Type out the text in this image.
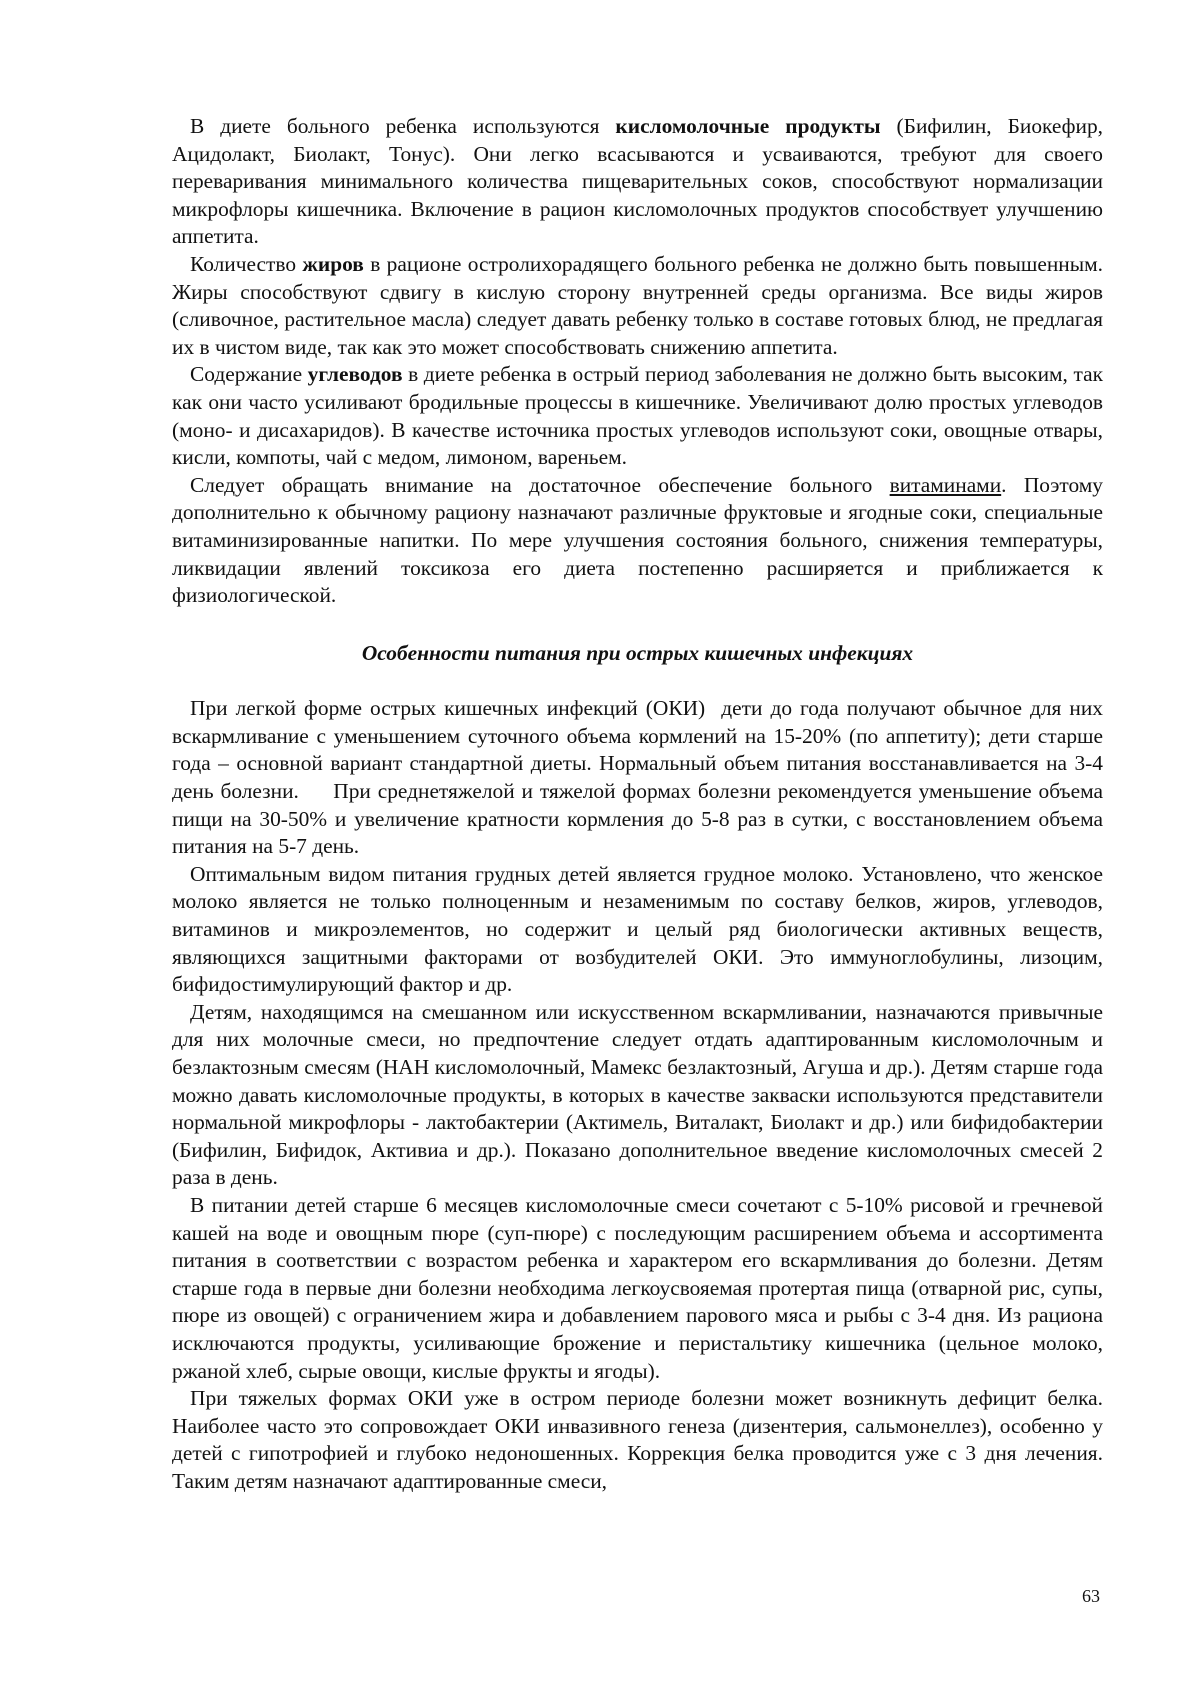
В диете больного ребенка используются кисломолочные продукты (Бифилин, Биокефир, Ацидолакт, Биолакт, Тонус). Они легко всасываются и усваиваются, требуют для своего переваривания минимального количества пищеварительных соков, способствуют нормализации микрофлоры кишечника. Включение в рацион кисломолочных продуктов способствует улучшению аппетита.

Количество жиров в рационе остролихорадящего больного ребенка не должно быть повышенным. Жиры способствуют сдвигу в кислую сторону внутренней среды организма. Все виды жиров (сливочное, растительное масла) следует давать ребенку только в составе готовых блюд, не предлагая их в чистом виде, так как это может способствовать снижению аппетита.

Содержание углеводов в диете ребенка в острый период заболевания не должно быть высоким, так как они часто усиливают бродильные процессы в кишечнике. Увеличивают долю простых углеводов (моно- и дисахаридов). В качестве источника простых углеводов используют соки, овощные отвары, кисли, компоты, чай с медом, лимоном, вареньем.

Следует обращать внимание на достаточное обеспечение больного витаминами. Поэтому дополнительно к обычному рациону назначают различные фруктовые и ягодные соки, специальные витаминизированные напитки. По мере улучшения состояния больного, снижения температуры, ликвидации явлений токсикоза его диета постепенно расширяется и приближается к физиологической.

Особенности питания при острых кишечных инфекциях

При легкой форме острых кишечных инфекций (ОКИ)  дети до года получают обычное для них вскармливание с уменьшением суточного объема кормлений на 15-20% (по аппетиту); дети старше года – основной вариант стандартной диеты. Нормальный объем питания восстанавливается на 3-4 день болезни.     При среднетяжелой и тяжелой формах болезни рекомендуется уменьшение объема пищи на 30-50% и увеличение кратности кормления до 5-8 раз в сутки, с восстановлением объема питания на 5-7 день.

Оптимальным видом питания грудных детей является грудное молоко. Установлено, что женское молоко является не только полноценным и незаменимым по составу белков, жиров, углеводов, витаминов и микроэлементов, но содержит и целый ряд биологически активных веществ, являющихся защитными факторами от возбудителей ОКИ. Это иммуноглобулины, лизоцим, бифидостимулирующий фактор и др.

Детям, находящимся на смешанном или искусственном вскармливании, назначаются привычные для них молочные смеси, но предпочтение следует отдать адаптированным кисломолочным и безлактозным смесям (НАН кисломолочный, Мамекс безлактозный, Агуша и др.). Детям старше года можно давать кисломолочные продукты, в которых в качестве закваски используются представители нормальной микрофлоры - лактобактерии (Актимель, Виталакт, Биолакт и др.) или бифидобактерии (Бифилин, Бифидок, Активиа и др.). Показано дополнительное введение кисломолочных смесей 2 раза в день.

В питании детей старше 6 месяцев кисломолочные смеси сочетают с 5-10% рисовой и гречневой кашей на воде и овощным пюре (суп-пюре) с последующим расширением объема и ассортимента питания в соответствии с возрастом ребенка и характером его вскармливания до болезни. Детям старше года в первые дни болезни необходима легкоусвояемая протертая пища (отварной рис, супы, пюре из овощей) с ограничением жира и добавлением парового мяса и рыбы с 3-4 дня. Из рациона исключаются продукты, усиливающие брожение и перистальтику кишечника (цельное молоко, ржаной хлеб, сырые овощи, кислые фрукты и ягоды).

При тяжелых формах ОКИ уже в остром периоде болезни может возникнуть дефицит белка. Наиболее часто это сопровождает ОКИ инвазивного генеза (дизентерия, сальмонеллез), особенно у детей с гипотрофией и глубоко недоношенных. Коррекция белка проводится уже с 3 дня лечения. Таким детям назначают адаптированные смеси,

63
